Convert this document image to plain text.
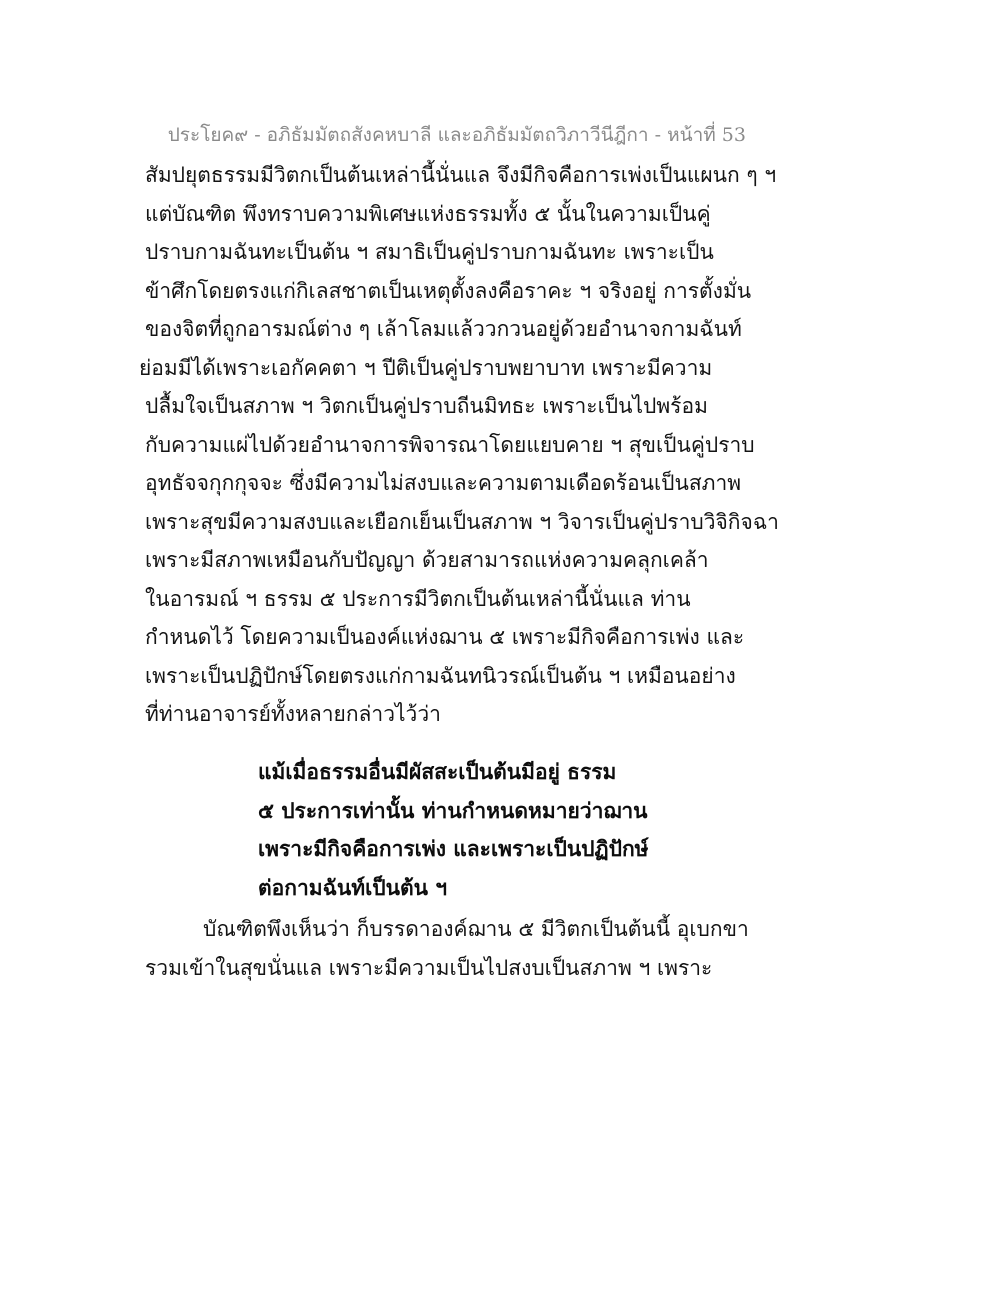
ประโยค๙ - อภิธัมมัตถสังคหบาลี และอภิธัมมัตถวิภาวีนีฎีกา - หน้าที่ 53
สัมปยุตธรรมมีวิตกเป็นต้นเหล่านี้นั่นแล จึงมีกิจคือการเพ่งเป็นแผนก ๆ ฯ
แต่บัณฑิต พึงทราบความพิเศษแห่งธรรมทั้ง ๕ นั้นในความเป็นคู่
ปราบกามฉันทะเป็นต้น ฯ สมาธิเป็นคู่ปราบกามฉันทะ เพราะเป็น
ข้าศึกโดยตรงแก่กิเลสชาตเป็นเหตุตั้งลงคือราคะ ฯ จริงอยู่ การตั้งมั่น
ของจิตที่ถูกอารมณ์ต่าง ๆ เล้าโลมแล้ววกวนอยู่ด้วยอำนาจกามฉันท์
ย่อมมีได้เพราะเอกัคคตา ฯ ปีติเป็นคู่ปราบพยาบาท เพราะมีความ
ปลื้มใจเป็นสภาพ ฯ วิตกเป็นคู่ปราบถีนมิทธะ เพราะเป็นไปพร้อม
กับความแผ่ไปด้วยอำนาจการพิจารณาโดยแยบคาย ฯ สุขเป็นคู่ปราบ
อุทธัจจกุกกุจจะ ซึ่งมีความไม่สงบและความตามเดือดร้อนเป็นสภาพ
เพราะสุขมีความสงบและเยือกเย็นเป็นสภาพ ฯ วิจารเป็นคู่ปราบวิจิกิจฉา
เพราะมีสภาพเหมือนกับปัญญา ด้วยสามารถแห่งความคลุกเคล้า
ในอารมณ์ ฯ ธรรม ๕ ประการมีวิตกเป็นต้นเหล่านี้นั่นแล ท่าน
กำหนดไว้ โดยความเป็นองค์แห่งฌาน ๕ เพราะมีกิจคือการเพ่ง และ
เพราะเป็นปฏิปักษ์โดยตรงแก่กามฉันทนิวรณ์เป็นต้น ฯ เหมือนอย่าง
ที่ท่านอาจารย์ทั้งหลายกล่าวไว้ว่า
แม้เมื่อธรรมอื่นมีผัสสะเป็นต้นมีอยู่ ธรรม
๕ ประการเท่านั้น ท่านกำหนดหมายว่าฌาน
เพราะมีกิจคือการเพ่ง และเพราะเป็นปฏิปักษ์
ต่อกามฉันท์เป็นต้น ฯ
บัณฑิตพึงเห็นว่า ก็บรรดาองค์ฌาน ๕ มีวิตกเป็นต้นนี้ อุเบกขา
รวมเข้าในสุขนั่นแล เพราะมีความเป็นไปสงบเป็นสภาพ ฯ เพราะ
